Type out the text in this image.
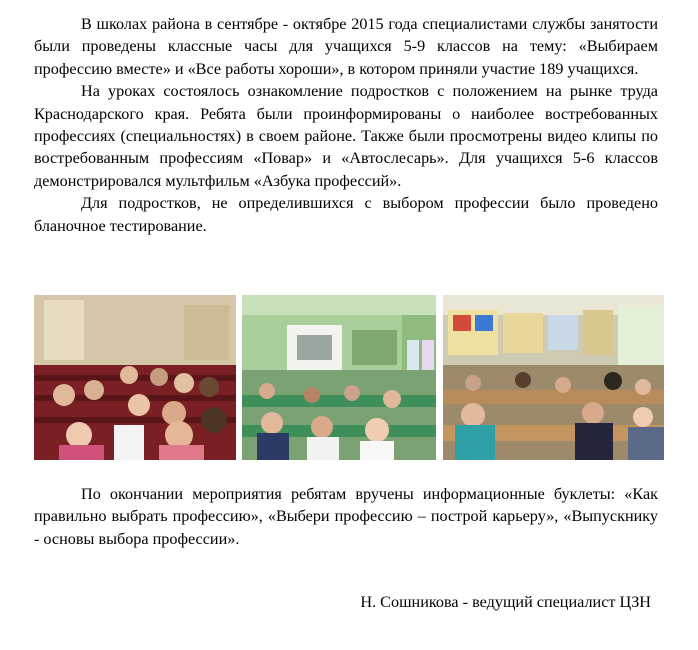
В школах района в сентябре - октябре 2015 года специалистами службы занятости были проведены классные часы для учащихся 5-9 классов на тему: «Выбираем профессию вместе» и «Все работы хороши», в котором приняли участие 189 учащихся.

На уроках состоялось ознакомление подростков с положением на рынке труда Краснодарского края. Ребята были проинформированы о наиболее востребованных профессиях (специальностях) в своем районе. Также были просмотрены видео клипы по востребованным профессиям «Повар» и «Автослесарь». Для учащихся 5-6 классов демонстрировался мультфильм «Азбука профессий».

Для подростков, не определившихся с выбором профессии было проведено бланочное тестирование.

По окончании мероприятия ребятам вручены информационные буклеты: «Как правильно выбрать профессию», «Выбери профессию – построй карьеру», «Выпускнику - основы выбора профессии».

Н. Сошникова - ведущий специалист ЦЗН
